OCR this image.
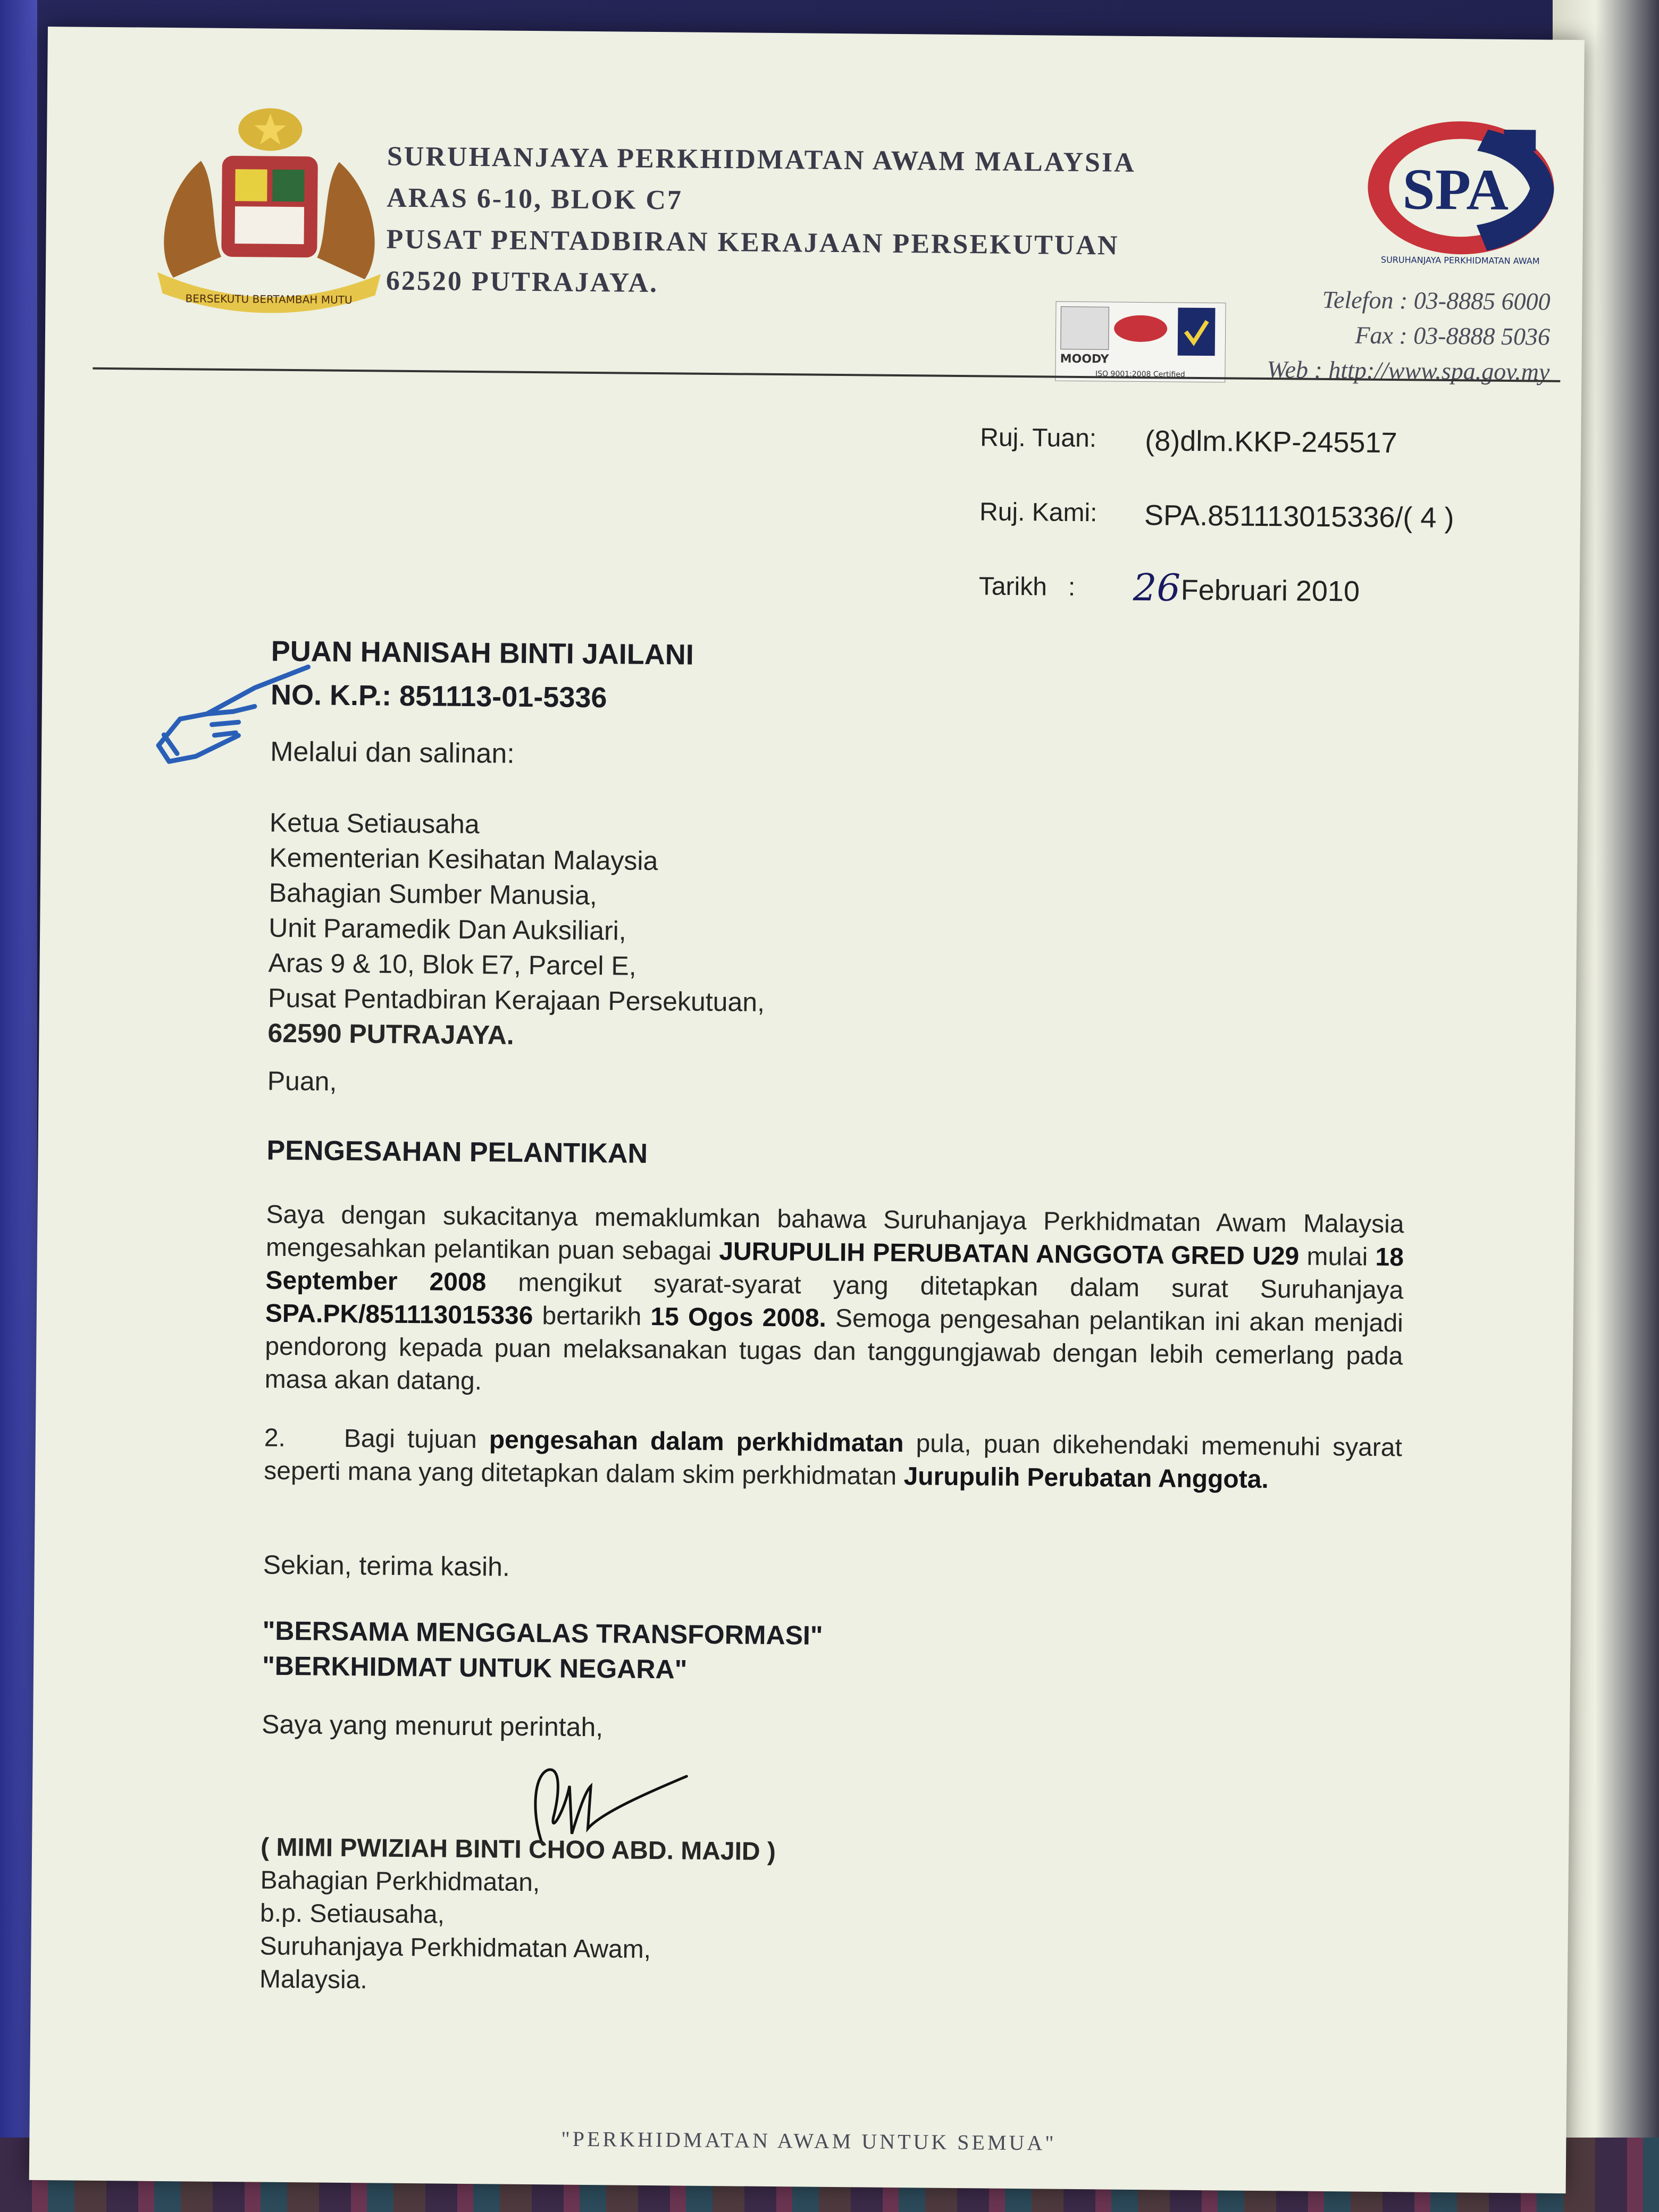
BERSEKUTU BERTAMBAH MUTU
SURUHANJAYA PERKHIDMATAN AWAM MALAYSIA
ARAS 6-10, BLOK C7
PUSAT PENTADBIRAN KERAJAAN PERSEKUTUAN
62520 PUTRAJAYA.
SPA
SURUHANJAYA PERKHIDMATAN AWAM
MOODY
ISO 9001:2008 Certified
Telefon : 03-8885 6000
Fax : 03-8888 5036
Web : http://www.spa.gov.my
Ruj. Tuan: (8)dlm.KKP-245517
Ruj. Kami: SPA.851113015336/( 4 )
Tarikh   : 26 Februari 2010
PUAN HANISAH BINTI JAILANI
NO. K.P.: 851113-01-5336
Melalui dan salinan:
Ketua Setiausaha
Kementerian Kesihatan Malaysia
Bahagian Sumber Manusia,
Unit Paramedik Dan Auksiliari,
Aras 9 & 10, Blok E7, Parcel E,
Pusat Pentadbiran Kerajaan Persekutuan,
62590 PUTRAJAYA.
Puan,
PENGESAHAN PELANTIKAN
Saya dengan sukacitanya memaklumkan bahawa Suruhanjaya Perkhidmatan Awam Malaysia mengesahkan pelantikan puan sebagai JURUPULIH PERUBATAN ANGGOTA GRED U29 mulai 18 September 2008 mengikut syarat-syarat yang ditetapkan dalam surat Suruhanjaya SPA.PK/851113015336 bertarikh 15 Ogos 2008. Semoga pengesahan pelantikan ini akan menjadi pendorong kepada puan melaksanakan tugas dan tanggungjawab dengan lebih cemerlang pada masa akan datang.
2. Bagi tujuan pengesahan dalam perkhidmatan pula, puan dikehendaki memenuhi syarat seperti mana yang ditetapkan dalam skim perkhidmatan Jurupulih Perubatan Anggota.
Sekian, terima kasih.
"BERSAMA MENGGALAS TRANSFORMASI"
"BERKHIDMAT UNTUK NEGARA"
Saya yang menurut perintah,
( MIMI PWIZIAH BINTI CHOO ABD. MAJID )
Bahagian Perkhidmatan,
b.p. Setiausaha,
Suruhanjaya Perkhidmatan Awam,
Malaysia.
"PERKHIDMATAN AWAM UNTUK SEMUA"
